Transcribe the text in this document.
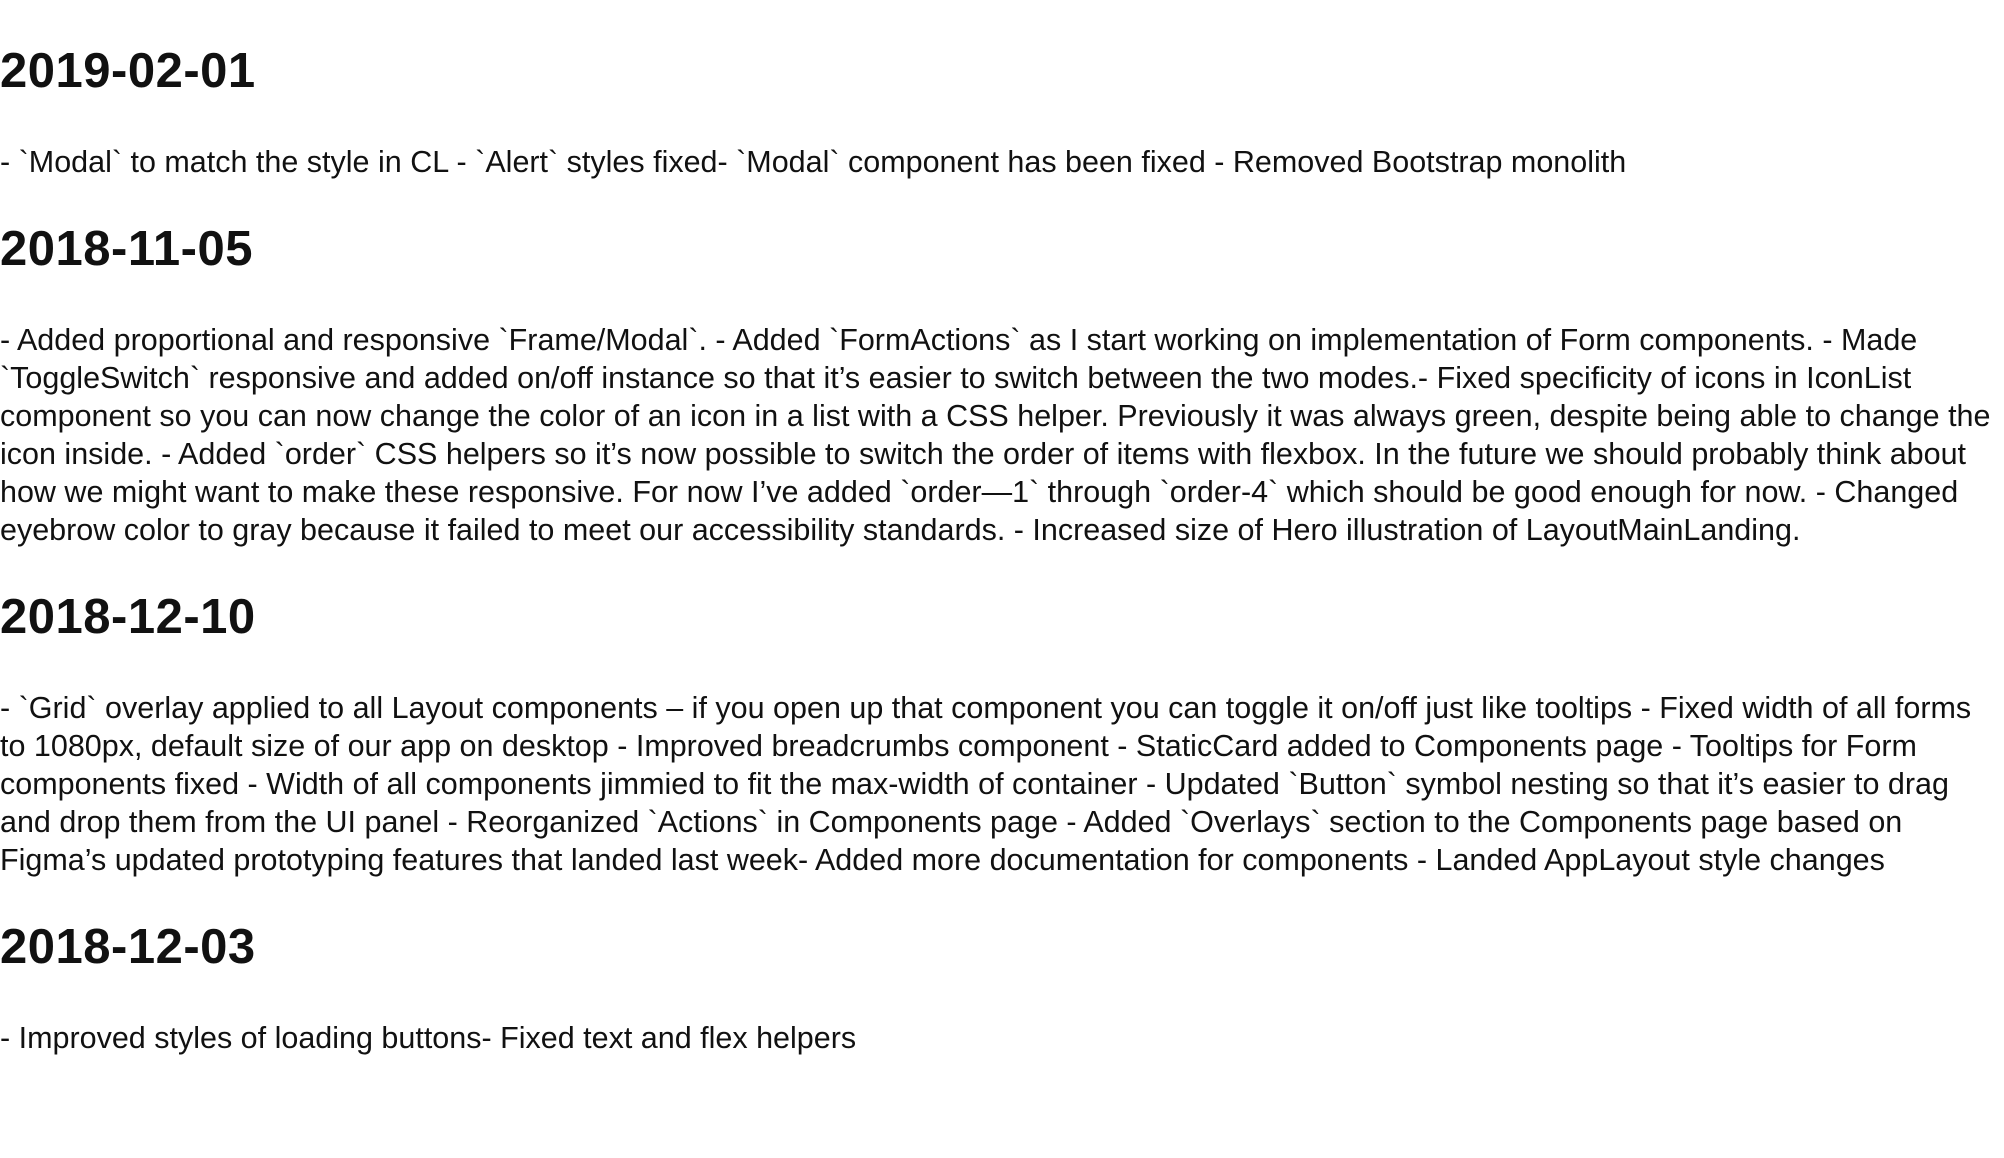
2019-02-01

- `Modal` to match the style in CL - `Alert` styles fixed- `Modal` component has been fixed - Removed Bootstrap monolith

2018-11-05

- Added proportional and responsive `Frame/Modal`. - Added `FormActions` as I start working on implementation of Form components. - Made `ToggleSwitch` responsive and added on/off instance so that it’s easier to switch between the two modes.- Fixed specificity of icons in IconList component so you can now change the color of an icon in a list with a CSS helper. Previously it was always green, despite being able to change the icon inside. - Added `order` CSS helpers so it’s now possible to switch the order of items with flexbox. In the future we should probably think about how we might want to make these responsive. For now I’ve added `order—1` through `order-4` which should be good enough for now. - Changed eyebrow color to gray because it failed to meet our accessibility standards. - Increased size of Hero illustration of LayoutMainLanding.

2018-12-10

- `Grid` overlay applied to all Layout components – if you open up that component you can toggle it on/off just like tooltips - Fixed width of all forms to 1080px, default size of our app on desktop - Improved breadcrumbs component - StaticCard added to Components page - Tooltips for Form components fixed - Width of all components jimmied to fit the max-width of container - Updated `Button` symbol nesting so that it’s easier to drag and drop them from the UI panel - Reorganized `Actions` in Components page - Added `Overlays` section to the Components page based on Figma’s updated prototyping features that landed last week- Added more documentation for components - Landed AppLayout style changes

2018-12-03

- Improved styles of loading buttons- Fixed text and flex helpers
